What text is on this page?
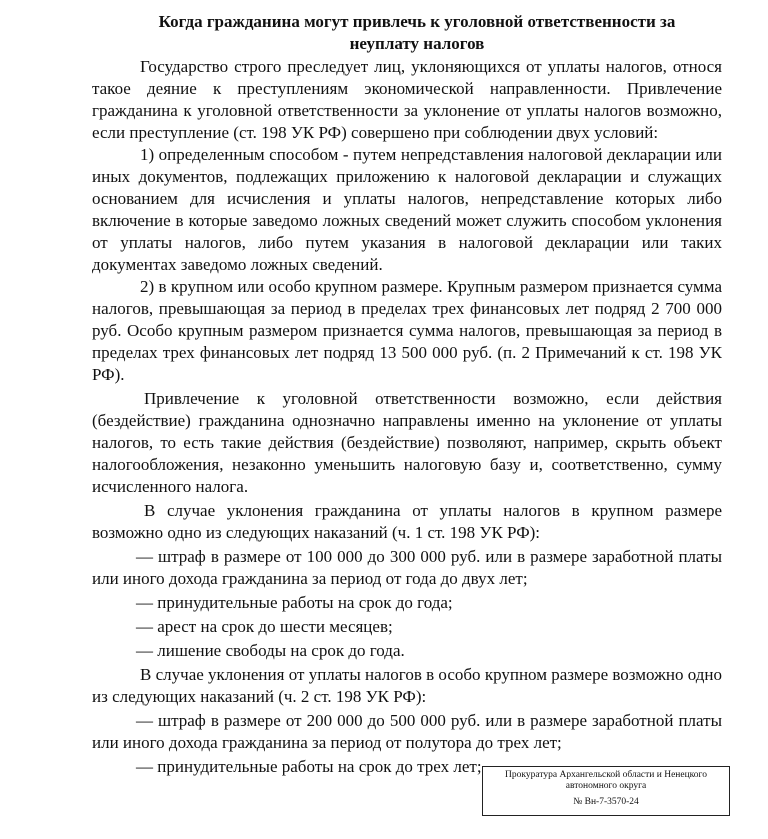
Когда гражданина могут привлечь к уголовной ответственности за неуплату налогов

Государство строго преследует лиц, уклоняющихся от уплаты налогов, относя такое деяние к преступлениям экономической направленности. Привлечение гражданина к уголовной ответственности за уклонение от уплаты налогов возможно, если преступление (ст. 198 УК РФ) совершено при соблюдении двух условий:

1) определенным способом - путем непредставления налоговой декларации или иных документов, подлежащих приложению к налоговой декларации и служащих основанием для исчисления и уплаты налогов, непредставление которых либо включение в которые заведомо ложных сведений может служить способом уклонения от уплаты налогов, либо путем указания в налоговой декларации или таких документах заведомо ложных сведений.

2) в крупном или особо крупном размере. Крупным размером признается сумма налогов, превышающая за период в пределах трех финансовых лет подряд 2 700 000 руб. Особо крупным размером признается сумма налогов, превышающая за период в пределах трех финансовых лет подряд 13 500 000 руб. (п. 2 Примечаний к ст. 198 УК РФ).

Привлечение к уголовной ответственности возможно, если действия (бездействие) гражданина однозначно направлены именно на уклонение от уплаты налогов, то есть такие действия (бездействие) позволяют, например, скрыть объект налогообложения, незаконно уменьшить налоговую базу и, соответственно, сумму исчисленного налога.

В случае уклонения гражданина от уплаты налогов в крупном размере возможно одно из следующих наказаний (ч. 1 ст. 198 УК РФ):

— штраф в размере от 100 000 до 300 000 руб. или в размере заработной платы или иного дохода гражданина за период от года до двух лет;

— принудительные работы на срок до года;

— арест на срок до шести месяцев;

— лишение свободы на срок до года.

В случае уклонения от уплаты налогов в особо крупном размере возможно одно из следующих наказаний (ч. 2 ст. 198 УК РФ):

— штраф в размере от 200 000 до 500 000 руб. или в размере заработной платы или иного дохода гражданина за период от полутора до трех лет;

— принудительные работы на срок до трех лет;	Прокуратура Архангельской области и Ненецкого автономного округа
№ Вн-7-3570-24
